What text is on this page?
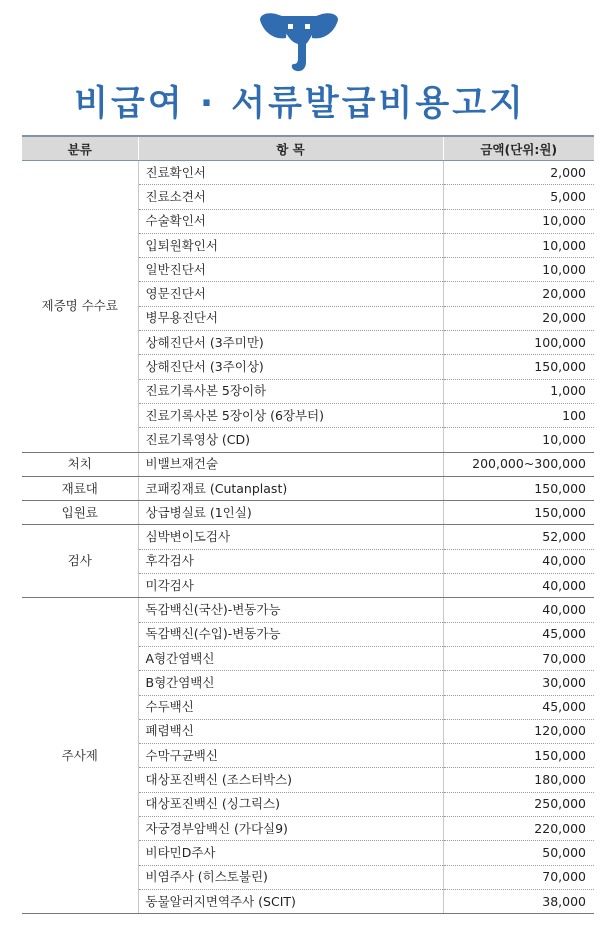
비급여 · 서류발급비용고지
분류	항 목	금액(단위:원)
제증명 수수료	진료확인서	2,000
	진료소견서	5,000
	수술확인서	10,000
	입퇴원확인서	10,000
	일반진단서	10,000
	영문진단서	20,000
	병무용진단서	20,000
	상해진단서 (3주미만)	100,000
	상해진단서 (3주이상)	150,000
	진료기록사본 5장이하	1,000
	진료기록사본 5장이상 (6장부터)	100
	진료기록영상 (CD)	10,000
처치	비밸브재건술	200,000~300,000
재료대	코패킹재료 (Cutanplast)	150,000
입원료	상급병실료 (1인실)	150,000
검사	심박변이도검사	52,000
	후각검사	40,000
	미각검사	40,000
주사제	독감백신(국산)-변동가능	40,000
	독감백신(수입)-변동가능	45,000
	A형간염백신	70,000
	B형간염백신	30,000
	수두백신	45,000
	폐렴백신	120,000
	수막구균백신	150,000
	대상포진백신 (조스터박스)	180,000
	대상포진백신 (싱그릭스)	250,000
	자궁경부암백신 (가다실9)	220,000
	비타민D주사	50,000
	비염주사 (히스토불린)	70,000
	동물알러지면역주사 (SCIT)	38,000
